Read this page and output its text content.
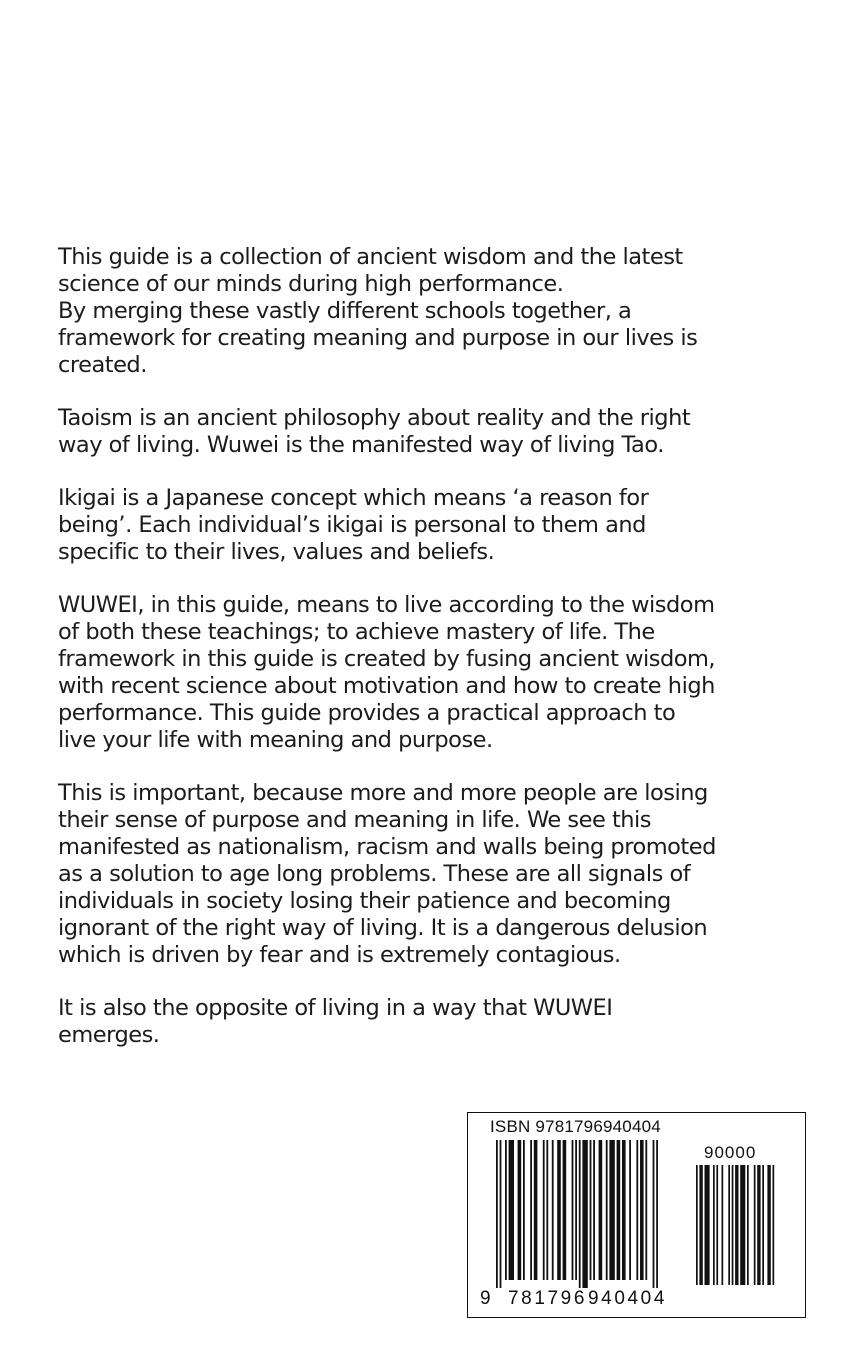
This guide is a collection of ancient wisdom and the latest
science of our minds during high performance.
By merging these vastly different schools together, a
framework for creating meaning and purpose in our lives is
created.

Taoism is an ancient philosophy about reality and the right
way of living. Wuwei is the manifested way of living Tao.

Ikigai is a Japanese concept which means ‘a reason for
being’. Each individual’s ikigai is personal to them and
specific to their lives, values and beliefs.

WUWEI, in this guide, means to live according to the wisdom
of both these teachings; to achieve mastery of life. The
framework in this guide is created by fusing ancient wisdom,
with recent science about motivation and how to create high
performance. This guide provides a practical approach to
live your life with meaning and purpose.

This is important, because more and more people are losing
their sense of purpose and meaning in life. We see this
manifested as nationalism, racism and walls being promoted
as a solution to age long problems. These are all signals of
individuals in society losing their patience and becoming
ignorant of the right way of living. It is a dangerous delusion
which is driven by fear and is extremely contagious.

It is also the opposite of living in a way that WUWEI
emerges.

ISBN 9781796940404
90000
9 781796 940404
